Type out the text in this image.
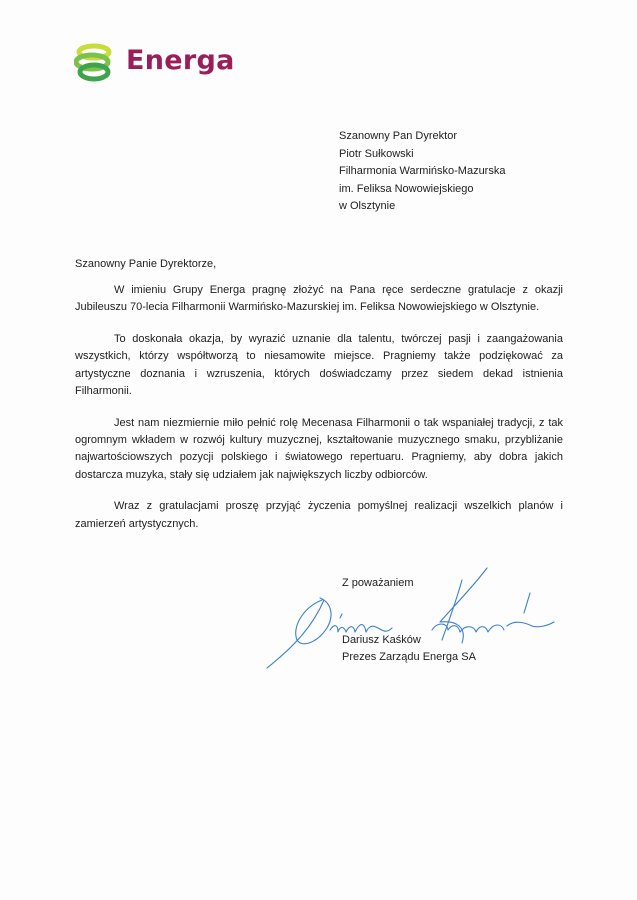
Energa
Szanowny Pan Dyrektor
Piotr Sułkowski
Filharmonia Warmińsko-Mazurska
im. Feliksa Nowowiejskiego
w Olsztynie
Szanowny Panie Dyrektorze,

W imieniu Grupy Energa pragnę złożyć na Pana ręce serdeczne gratulacje z okazji Jubileuszu 70-lecia Filharmonii Warmińsko-Mazurskiej im. Feliksa Nowowiejskiego w Olsztynie.

To doskonała okazja, by wyrazić uznanie dla talentu, twórczej pasji i zaangażowania wszystkich, którzy współtworzą to niesamowite miejsce. Pragniemy także podziękować za artystyczne doznania i wzruszenia, których doświadczamy przez siedem dekad istnienia Filharmonii.

Jest nam niezmiernie miło pełnić rolę Mecenasa Filharmonii o tak wspaniałej tradycji, z tak ogromnym wkładem w rozwój kultury muzycznej, kształtowanie muzycznego smaku, przybliżanie najwartościowszych pozycji polskiego i światowego repertuaru. Pragniemy, aby dobra jakich dostarcza muzyka, stały się udziałem jak największych liczby odbiorców.

Wraz z gratulacjami proszę przyjąć życzenia pomyślnej realizacji wszelkich planów i zamierzeń artystycznych.

Z poważaniem
Dariusz Kaśków
Prezes Zarządu Energa SA
